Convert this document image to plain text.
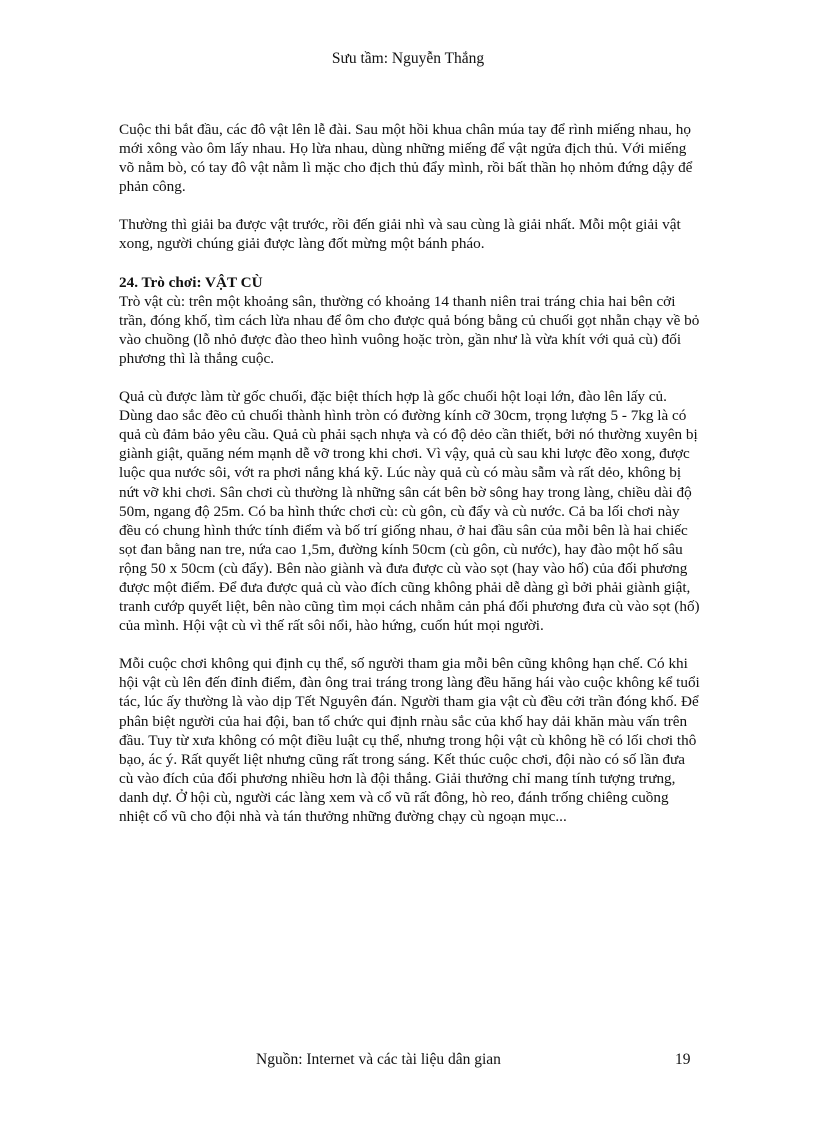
Sưu tầm: Nguyễn Thắng

Cuộc thi bắt đầu, các đô vật lên lễ đài. Sau một hồi khua chân múa tay để rình miếng nhau, họ mới xông vào ôm lấy nhau. Họ lừa nhau, dùng những miếng để vật ngửa địch thủ. Với miếng võ nằm bò, có tay đô vật nằm lì mặc cho địch thủ đẩy mình, rồi bất thần họ nhỏm đứng dậy để phản công.

Thường thì giải ba được vật trước, rồi đến giải nhì và sau cùng là giải nhất. Mỗi một giải vật xong, người chúng giải được làng đốt mừng một bánh pháo.

24. Trò chơi: VẬT CÙ

Trò vật cù: trên một khoảng sân, thường có khoảng 14 thanh niên trai tráng chia hai bên cởi trần, đóng khố, tìm cách lừa nhau để ôm cho được quả bóng bằng củ chuối gọt nhẵn chạy về bỏ vào chuồng (lỗ nhỏ được đào theo hình vuông hoặc tròn, gần như là vừa khít với quả cù) đối phương thì là thắng cuộc.

Quả cù được làm từ gốc chuối, đặc biệt thích hợp là gốc chuối hột loại lớn, đào lên lấy củ. Dùng dao sắc đẽo củ chuối thành hình tròn có đường kính cỡ 30cm, trọng lượng 5 - 7kg là có quả cù đảm bảo yêu cầu. Quả cù phải sạch nhựa và có độ dẻo cần thiết, bởi nó thường xuyên bị giành giật, quăng ném mạnh dễ vỡ trong khi chơi. Vì vậy, quả cù sau khi lược đẽo xong, được luộc qua nước sôi, vớt ra phơi nắng khá kỹ. Lúc này quả cù có màu sẫm và rất dẻo, không bị nứt vỡ khi chơi. Sân chơi cù thường là những sân cát bên bờ sông hay trong làng, chiều dài độ 50m, ngang độ 25m. Có ba hình thức chơi cù: cù gôn, cù đẩy và cù nước. Cả ba lối chơi này đều có chung hình thức tính điểm và bố trí giống nhau, ở hai đầu sân của mỗi bên là hai chiếc sọt đan bằng nan tre, nứa cao 1,5m, đường kính 50cm (cù gôn, cù nước), hay đào một hố sâu rộng 50 x 50cm (cù đẩy). Bên nào giành và đưa được cù vào sọt (hay vào hố) của đối phương được một điểm. Để đưa được quả cù vào đích cũng không phải dễ dàng gì bởi phải giành giật, tranh cướp quyết liệt, bên nào cũng tìm mọi cách nhằm cản phá đối phương đưa cù vào sọt (hố) của mình. Hội vật cù vì thế rất sôi nổi, hào hứng, cuốn hút mọi người.

Mỗi cuộc chơi không qui định cụ thể, số người tham gia mỗi bên cũng không hạn chế. Có khi hội vật cù lên đến đỉnh điểm, đàn ông trai tráng trong làng đều hăng hái vào cuộc không kể tuổi tác, lúc ấy thường là vào dịp Tết Nguyên đán. Người tham gia vật cù đều cởi trần đóng khố. Để phân biệt người của hai đội, ban tổ chức qui định rnàu sắc của khố hay dải khăn màu vấn trên đầu. Tuy từ xưa không có một điều luật cụ thể, nhưng trong hội vật cù không hề có lối chơi thô bạo, ác ý. Rất quyết liệt nhưng cũng rất trong sáng. Kết thúc cuộc chơi, đội nào có số lần đưa cù vào đích của đối phương nhiều hơn là đội thắng. Giải thưởng chỉ mang tính tượng trưng, danh dự. Ở hội cù, người các làng xem và cổ vũ rất đông, hò reo, đánh trống chiêng cuồng nhiệt cổ vũ cho đội nhà và tán thưởng những đường chạy cù ngoạn mục...

Nguồn: Internet và các tài liệu dân gian	19
